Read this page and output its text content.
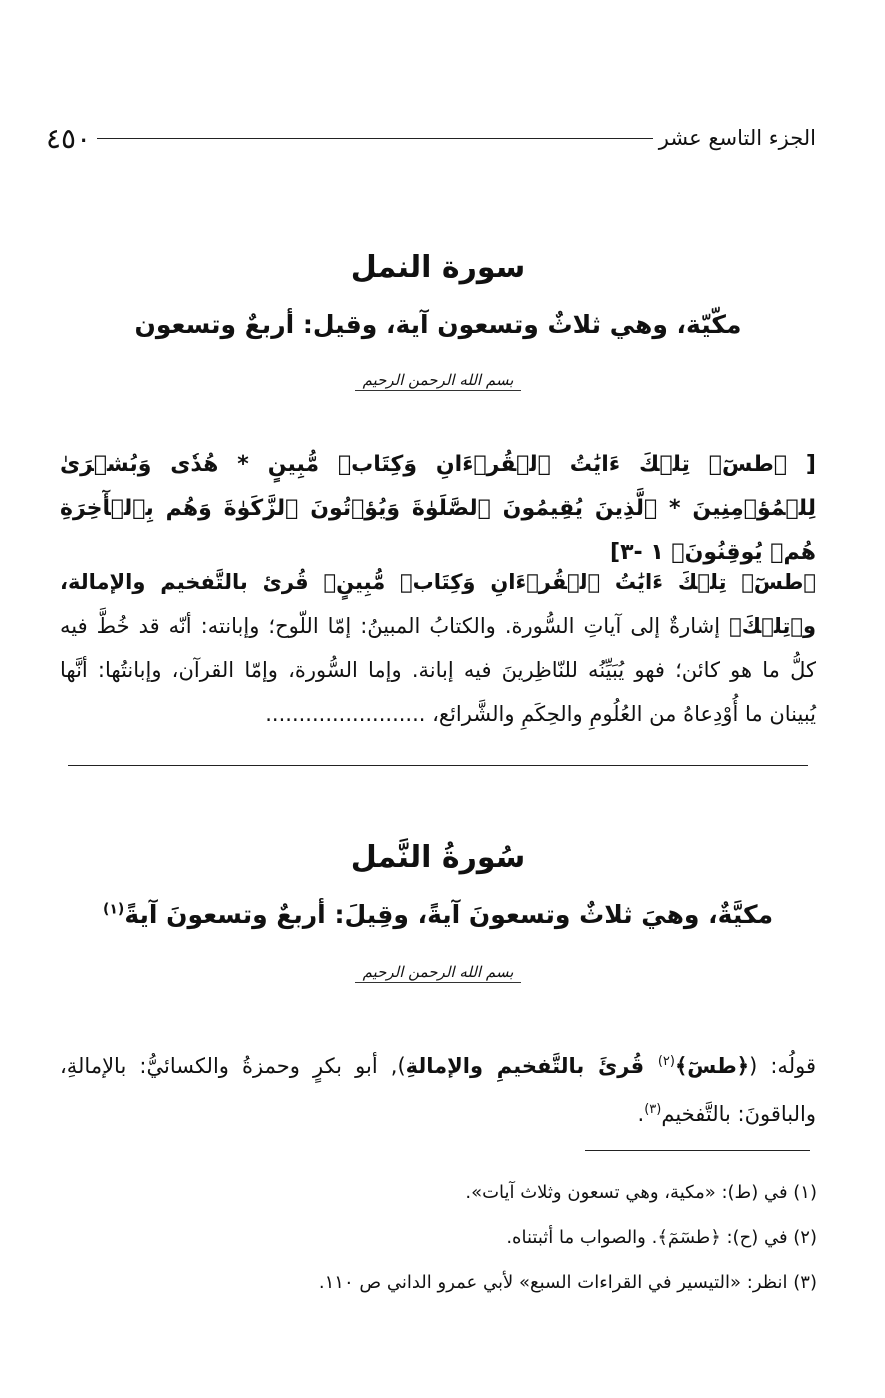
الجزء التاسع عشر
٤٥٠
سورة النمل
مكّيّة، وهي ثلاثٌ وتسعون آية، وقيل: أربعٌ وتسعون
بسم الله الرحمن الرحيم
[ ﴿طسٓۚ تِلۡكَ ءَايَٰتُ ٱلۡقُرۡءَانِ وَكِتَابٖ مُّبِينٍ * هُدٗى وَبُشۡرَىٰ لِلۡمُؤۡمِنِينَ * ٱلَّذِينَ يُقِيمُونَ ٱلصَّلَوٰةَ وَيُؤۡتُونَ ٱلزَّكَوٰةَ وَهُم بِٱلۡأٓخِرَةِ هُمۡ يُوقِنُونَ﴾ ١ -٣]
﴿طسٓۚ تِلۡكَ ءَايَٰتُ ٱلۡقُرۡءَانِ وَكِتَابٖ مُّبِينٍ﴾ قُرئ بالتَّفخيم والإمالة، و﴿تِلۡكَ﴾ إشارةٌ إلى آياتِ السُّورة. والكتابُ المبينُ: إمّا اللّوح؛ وإبانته: أنّه قد خُطَّ فيه كلُّ ما هو كائن؛ فهو يُبَيِّنُه للنّاظِرينَ فيه إبانة. وإما السُّورة، وإمّا القرآن، وإبانتُها: أنَّها يُبينان ما أُوْدِعاهُ من العُلُومِ والحِكَمِ والشَّرائع، ........................
سُورةُ النَّمل
مكيَّةٌ، وهيَ ثلاثٌ وتسعونَ آيةً، وقِيلَ: أربعٌ وتسعونَ آيةً$^{(١)}$
بسم الله الرحمن الرحيم
قولُه: (﴿طسٓ﴾$^{(٢)}$ قُرئَ بالتَّفخيمِ والإمالةِ), أبو بكرٍ وحمزةُ والكسائيُّ: بالإمالةِ، والباقونَ: بالتَّفخيم$^{(٣)}$.
(١) في (ط): «مكية، وهي تسعون وثلاث آيات».
(٢) في (ح): ﴿طسٓمٓ﴾. والصواب ما أثبتناه.
(٣) انظر: «التيسير في القراءات السبع» لأبي عمرو الداني ص ١١٠.
